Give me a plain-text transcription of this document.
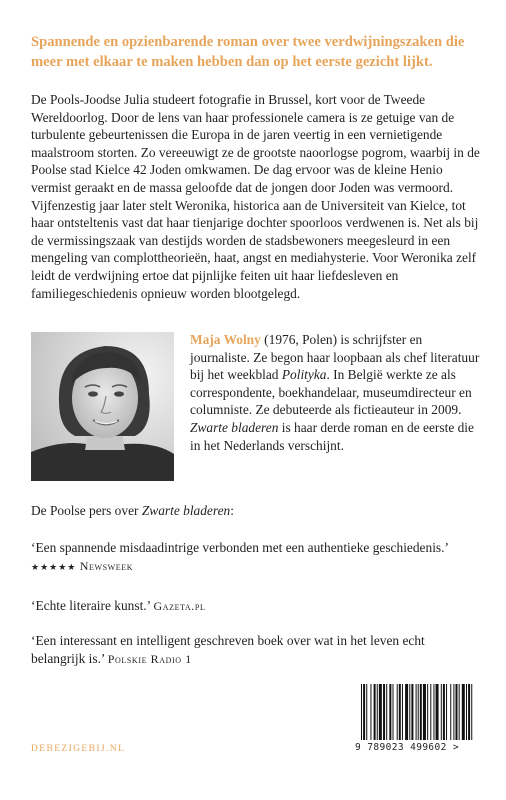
Spannende en opzienbarende roman over twee verdwijningszaken die meer met elkaar te maken hebben dan op het eerste gezicht lijkt.

De Pools-Joodse Julia studeert fotografie in Brussel, kort voor de Tweede Wereldoorlog. Door de lens van haar professionele camera is ze getuige van de turbulente gebeurtenissen die Europa in de jaren veertig in een vernietigende maalstroom storten. Zo vereeuwigt ze de grootste naoorlogse pogrom, waarbij in de Poolse stad Kielce 42 Joden omkwamen. De dag ervoor was de kleine Henio vermist geraakt en de massa geloofde dat de jongen door Joden was vermoord.

Vijfenzestig jaar later stelt Weronika, historica aan de Universiteit van Kielce, tot haar ontsteltenis vast dat haar tienjarige dochter spoorloos verdwenen is. Net als bij de vermissingszaak van destijds worden de stadsbewoners meegesleurd in een mengeling van complottheorieën, haat, angst en mediahysterie. Voor Weronika zelf leidt de verdwijning ertoe dat pijnlijke feiten uit haar liefdesleven en familiegeschiedenis opnieuw worden blootgelegd.

Maja Wolny (1976, Polen) is schrijfster en journaliste. Ze begon haar loopbaan als chef literatuur bij het weekblad Polityka. In België werkte ze als correspondente, boekhandelaar, museumdirecteur en columniste. Ze debuteerde als fictieauteur in 2009. Zwarte bladeren is haar derde roman en de eerste die in het Nederlands verschijnt.

De Poolse pers over Zwarte bladeren:

‘Een spannende misdaadintrige verbonden met een authentieke geschiedenis.’
★★★★★ Newsweek

‘Echte literaire kunst.’ Gazeta.pl

‘Een interessant en intelligent geschreven boek over wat in het leven echt belangrijk is.’ Polskie Radio 1

DEBEZIGEBIJ.NL	9 789023 499602 >
